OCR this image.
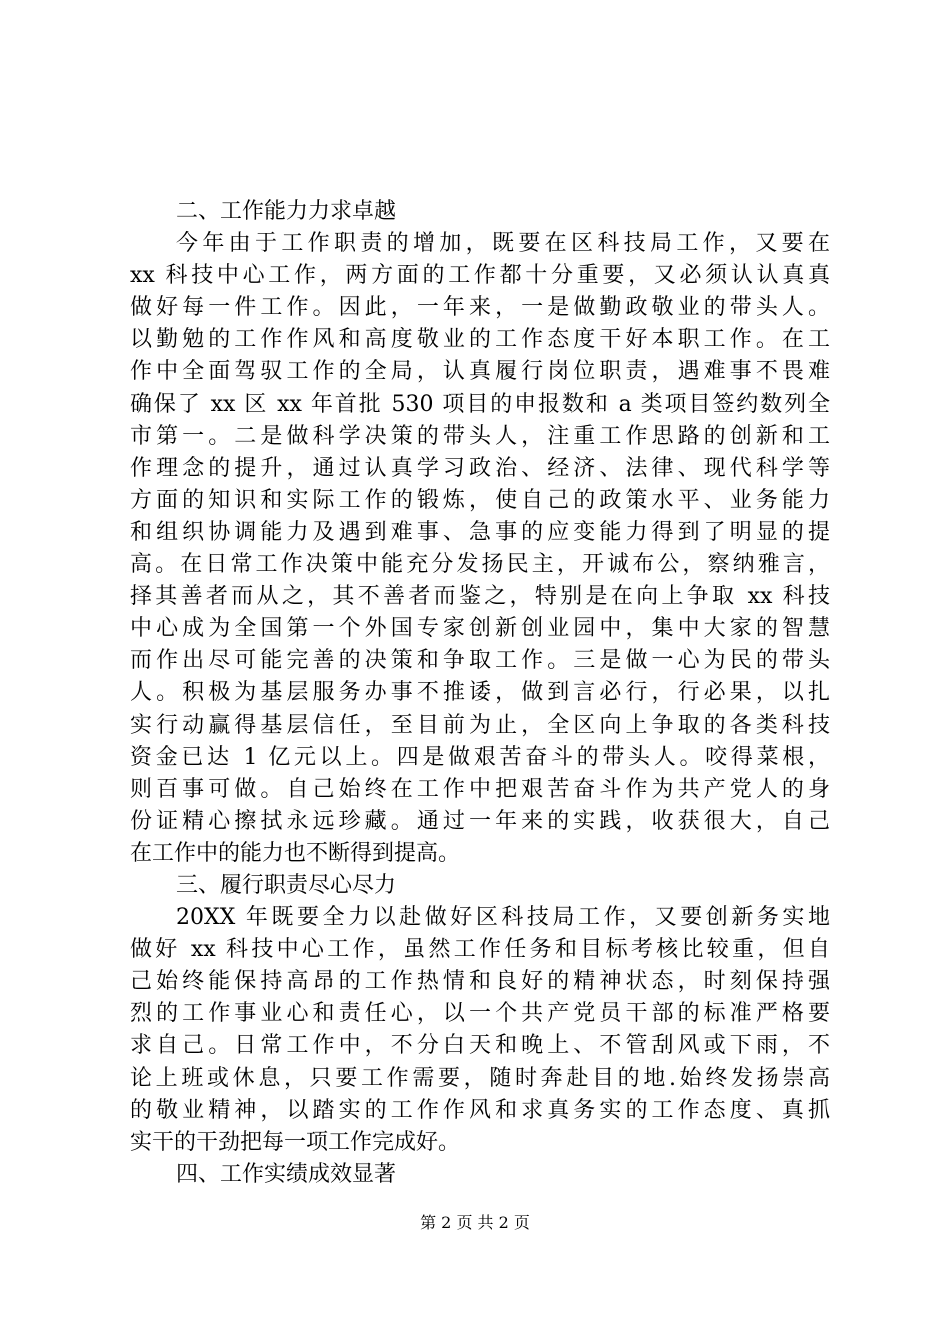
二、工作能力力求卓越
今年由于工作职责的增加，既要在区科技局工作，又要在
xx 科技中心工作，两方面的工作都十分重要，又必须认认真真
做好每一件工作。因此，一年来，一是做勤政敬业的带头人。
以勤勉的工作作风和高度敬业的工作态度干好本职工作。在工
作中全面驾驭工作的全局，认真履行岗位职责，遇难事不畏难
确保了 xx 区 xx 年首批 530 项目的申报数和 a 类项目签约数列全
市第一。二是做科学决策的带头人，注重工作思路的创新和工
作理念的提升，通过认真学习政治、经济、法律、现代科学等
方面的知识和实际工作的锻炼，使自己的政策水平、业务能力
和组织协调能力及遇到难事、急事的应变能力得到了明显的提
高。在日常工作决策中能充分发扬民主，开诚布公，察纳雅言，
择其善者而从之，其不善者而鉴之，特别是在向上争取 xx 科技
中心成为全国第一个外国专家创新创业园中，集中大家的智慧
而作出尽可能完善的决策和争取工作。三是做一心为民的带头
人。积极为基层服务办事不推诿，做到言必行，行必果，以扎
实行动赢得基层信任，至目前为止，全区向上争取的各类科技
资金已达 1 亿元以上。四是做艰苦奋斗的带头人。咬得菜根，
则百事可做。自己始终在工作中把艰苦奋斗作为共产党人的身
份证精心擦拭永远珍藏。通过一年来的实践，收获很大，自己
在工作中的能力也不断得到提高。
三、履行职责尽心尽力
20XX 年既要全力以赴做好区科技局工作，又要创新务实地
做好 xx 科技中心工作，虽然工作任务和目标考核比较重，但自
己始终能保持高昂的工作热情和良好的精神状态，时刻保持强
烈的工作事业心和责任心，以一个共产党员干部的标准严格要
求自己。日常工作中，不分白天和晚上、不管刮风或下雨，不
论上班或休息，只要工作需要，随时奔赴目的地.始终发扬崇高
的敬业精神，以踏实的工作作风和求真务实的工作态度、真抓
实干的干劲把每一项工作完成好。
四、工作实绩成效显著
第 2 页 共 2 页
